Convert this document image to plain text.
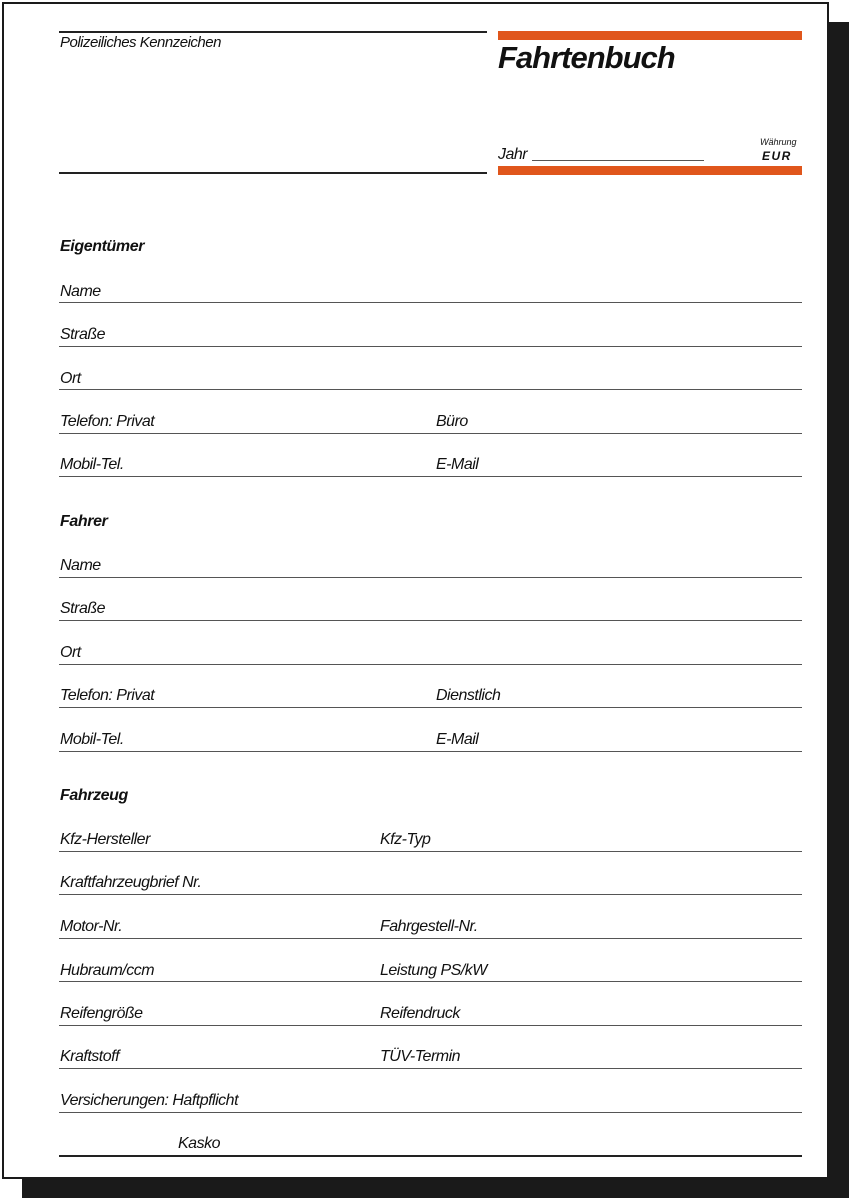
Polizeiliches Kennzeichen	Fahrtenbuch
Jahr
Währung
EUR
Eigentümer
Name
Straße
Ort
Telefon: Privat	Büro
Mobil-Tel.	E-Mail
Fahrer
Name
Straße
Ort
Telefon: Privat	Dienstlich
Mobil-Tel.	E-Mail
Fahrzeug
Kfz-Hersteller	Kfz-Typ
Kraftfahrzeugbrief Nr.
Motor-Nr.	Fahrgestell-Nr.
Hubraum/ccm	Leistung PS/kW
Reifengröße	Reifendruck
Kraftstoff	TÜV-Termin
Versicherungen: Haftpflicht
Kasko
